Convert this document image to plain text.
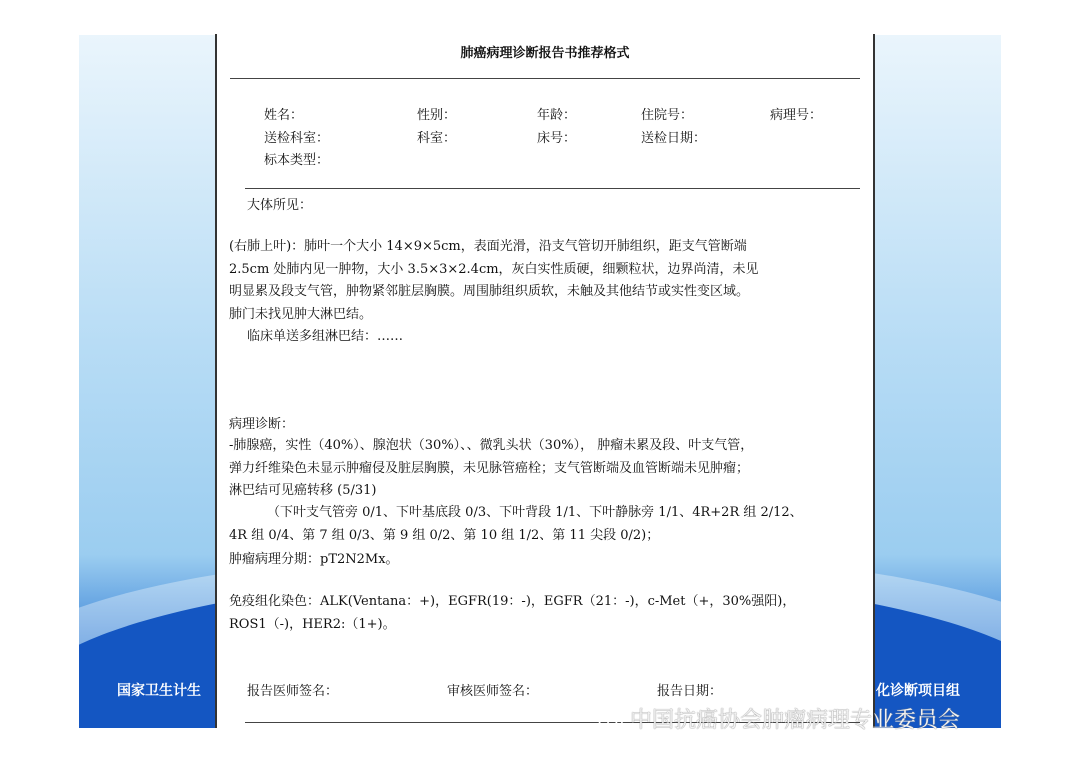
国家卫生计生	化诊断项目组
肺癌病理诊断报告书推荐格式
姓名：	性别：	年龄：	住院号：	病理号：
送检科室：	科室：	床号：	送检日期：
标本类型：
大体所见：
(右肺上叶)：肺叶一个大小 14×9×5cm，表面光滑，沿支气管切开肺组织，距支气管断端
2.5cm 处肺内见一肿物，大小 3.5×3×2.4cm，灰白实性质硬，细颗粒状，边界尚清，未见
明显累及段支气管，肿物紧邻脏层胸膜。周围肺组织质软，未触及其他结节或实性变区域。
肺门未找见肿大淋巴结。
临床单送多组淋巴结：……
病理诊断：
-肺腺癌，实性（40%）、腺泡状（30%）、、微乳头状（30%）， 肿瘤未累及段、叶支气管，
弹力纤维染色未显示肿瘤侵及脏层胸膜，未见脉管癌栓；支气管断端及血管断端未见肿瘤；
淋巴结可见癌转移 (5/31)
（下叶支气管旁 0/1、下叶基底段 0/3、下叶背段 1/1、下叶静脉旁 1/1、4R+2R 组 2/12、
4R 组 0/4、第 7 组 0/3、第 9 组 0/2、第 10 组 1/2、第 11 尖段 0/2)；
肿瘤病理分期：pT2N2Mx。
免疫组化染色：ALK(Ventana：+)，EGFR(19：-)，EGFR（21：-)，c-Met（+，30%强阳)，
ROS1（-)，HER2:（1+)。
报告医师签名：	审核医师签名：	报告日期：
中国抗癌协会肿瘤病理专业委员会
